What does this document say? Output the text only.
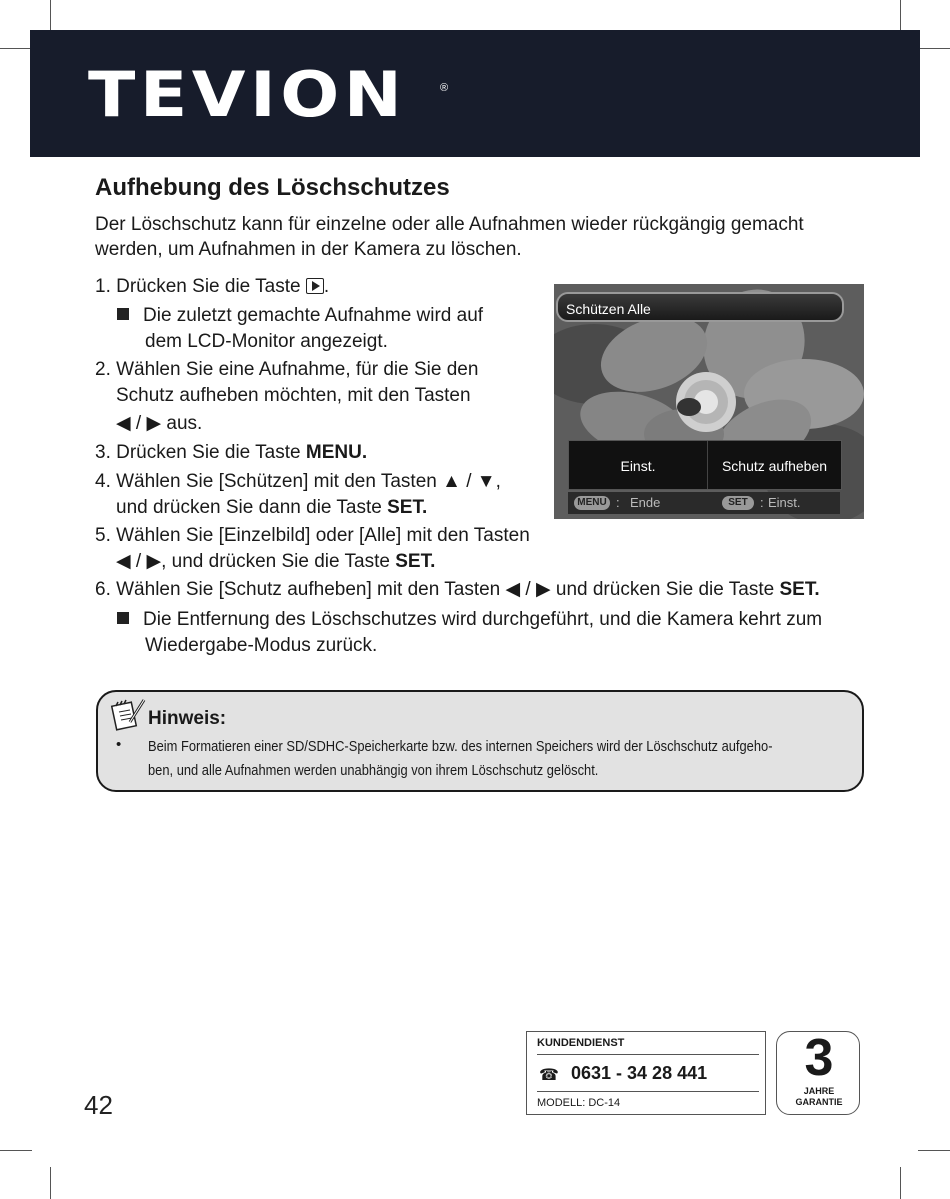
TEVION	®
Aufhebung des Löschschutzes

Der Löschschutz kann für einzelne oder alle Aufnahmen wieder rückgängig gemacht werden, um Aufnahmen in der Kamera zu löschen.

1. Drücken Sie die Taste .
Die zuletzt gemachte Aufnahme wird auf
dem LCD-Monitor angezeigt.
2. Wählen Sie eine Aufnahme, für die Sie den
Schutz aufheben möchten, mit den Tasten
◀ / ▶ aus.
3. Drücken Sie die Taste MENU.
4. Wählen Sie [Schützen] mit den Tasten ▲ / ▼,
und drücken Sie dann die Taste SET.
5. Wählen Sie [Einzelbild] oder [Alle] mit den Tasten
◀ / ▶, und drücken Sie die Taste SET.
6. Wählen Sie [Schutz aufheben] mit den Tasten ◀ / ▶ und drücken Sie die Taste SET.
Die Entfernung des Löschschutzes wird durchgeführt, und die Kamera kehrt zum
Wiedergabe-Modus zurück.
Schützen Alle
Einst.	Schutz aufheben
MENU : Ende	SET : Einst.
Hinweis:
• Beim Formatieren einer SD/SDHC-Speicherkarte bzw. des internen Speichers wird der Löschschutz aufgeho-
ben, und alle Aufnahmen werden unabhängig von ihrem Löschschutz gelöscht.
42
KUNDENDIENST
☎ 0631 - 34 28 441
MODELL: DC-14
3
JAHRE
GARANTIE
